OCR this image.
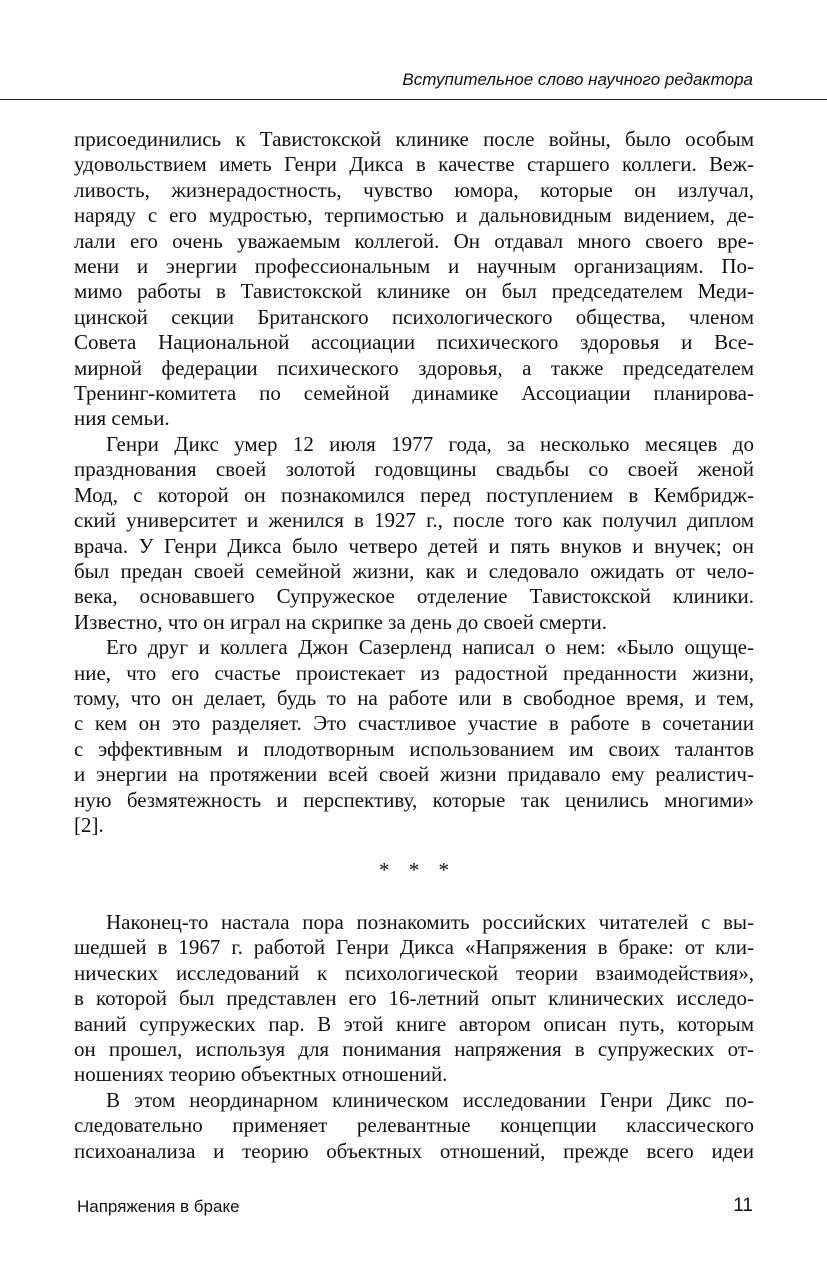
Вступительное слово научного редактора
присоединились к Тавистокской клинике после войны, было особым
удовольствием иметь Генри Дикса в качестве старшего коллеги. Веж-
ливость, жизнерадостность, чувство юмора, которые он излучал,
наряду с его мудростью, терпимостью и дальновидным видением, де-
лали его очень уважаемым коллегой. Он отдавал много своего вре-
мени и энергии профессиональным и научным организациям. По-
мимо работы в Тавистокской клинике он был председателем Меди-
цинской секции Британского психологического общества, членом
Совета Национальной ассоциации психического здоровья и Все-
мирной федерации психического здоровья, а также председателем
Тренинг-комитета по семейной динамике Ассоциации планирова-
ния семьи.
Генри Дикс умер 12 июля 1977 года, за несколько месяцев до
празднования своей золотой годовщины свадьбы со своей женой
Мод, с которой он познакомился перед поступлением в Кембридж-
ский университет и женился в 1927 г., после того как получил диплом
врача. У Генри Дикса было четверо детей и пять внуков и внучек; он
был предан своей семейной жизни, как и следовало ожидать от чело-
века, основавшего Супружеское отделение Тавистокской клиники.
Известно, что он играл на скрипке за день до своей смерти.
Его друг и коллега Джон Сазерленд написал о нем: «Было ощуще-
ние, что его счастье проистекает из радостной преданности жизни,
тому, что он делает, будь то на работе или в свободное время, и тем,
с кем он это разделяет. Это счастливое участие в работе в сочетании
с эффективным и плодотворным использованием им своих талантов
и энергии на протяжении всей своей жизни придавало ему реалистич-
ную безмятежность и перспективу, которые так ценились многими»
[2].
* * *
Наконец-то настала пора познакомить российских читателей с вы-
шедшей в 1967 г. работой Генри Дикса «Напряжения в браке: от кли-
нических исследований к психологической теории взаимодействия»,
в которой был представлен его 16-летний опыт клинических исследо-
ваний супружеских пар. В этой книге автором описан путь, которым
он прошел, используя для понимания напряжения в супружеских от-
ношениях теорию объектных отношений.
В этом неординарном клиническом исследовании Генри Дикс по-
следовательно применяет релевантные концепции классического
психоанализа и теорию объектных отношений, прежде всего идеи
Напряжения в браке	11
